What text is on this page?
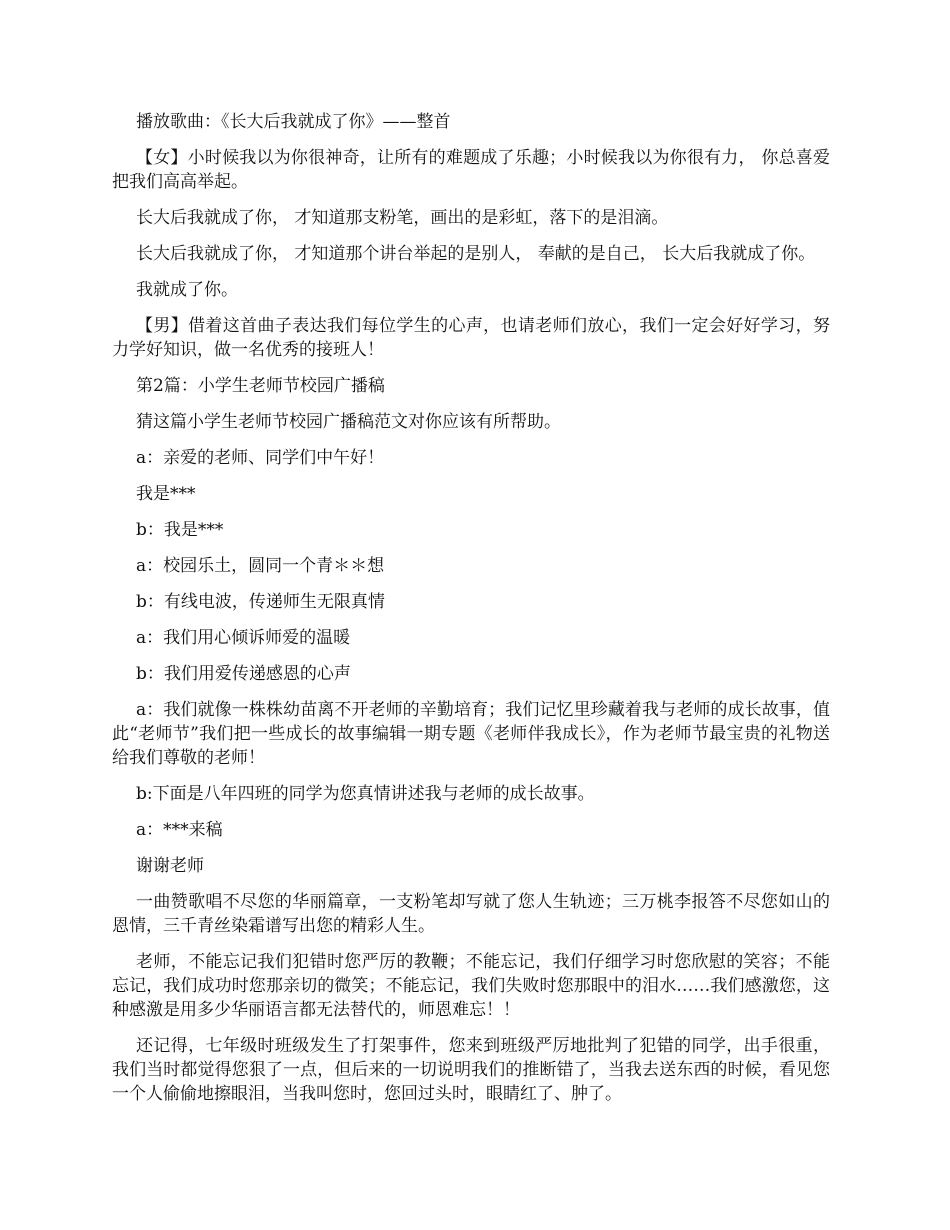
播放歌曲：《长大后我就成了你》——整首

【女】小时候我以为你很神奇，让所有的难题成了乐趣；小时候我以为你很有力， 你总喜爱把我们高高举起。

长大后我就成了你， 才知道那支粉笔，画出的是彩虹，落下的是泪滴。

长大后我就成了你， 才知道那个讲台举起的是别人， 奉献的是自己， 长大后我就成了你。

我就成了你。

【男】借着这首曲子表达我们每位学生的心声，也请老师们放心，我们一定会好好学习，努力学好知识，做一名优秀的接班人！

第2篇：小学生老师节校园广播稿

猜这篇小学生老师节校园广播稿范文对你应该有所帮助。

a：亲爱的老师、同学们中午好！

我是***

b：我是***

a：校园乐土，圆同一个青＊＊想

b：有线电波，传递师生无限真情

a：我们用心倾诉师爱的温暖

b：我们用爱传递感恩的心声

a：我们就像一株株幼苗离不开老师的辛勤培育；我们记忆里珍藏着我与老师的成长故事，值此“老师节”我们把一些成长的故事编辑一期专题《老师伴我成长》，作为老师节最宝贵的礼物送给我们尊敬的老师！

b:下面是八年四班的同学为您真情讲述我与老师的成长故事。

a：***来稿

谢谢老师

一曲赞歌唱不尽您的华丽篇章，一支粉笔却写就了您人生轨迹；三万桃李报答不尽您如山的恩情，三千青丝染霜谱写出您的精彩人生。

老师，不能忘记我们犯错时您严厉的教鞭；不能忘记，我们仔细学习时您欣慰的笑容；不能忘记，我们成功时您那亲切的微笑；不能忘记，我们失败时您那眼中的泪水……我们感激您，这种感激是用多少华丽语言都无法替代的，师恩难忘！！

还记得，七年级时班级发生了打架事件，您来到班级严厉地批判了犯错的同学，出手很重，我们当时都觉得您狠了一点，但后来的一切说明我们的推断错了，当我去送东西的时候，看见您一个人偷偷地擦眼泪，当我叫您时，您回过头时，眼睛红了、肿了。
